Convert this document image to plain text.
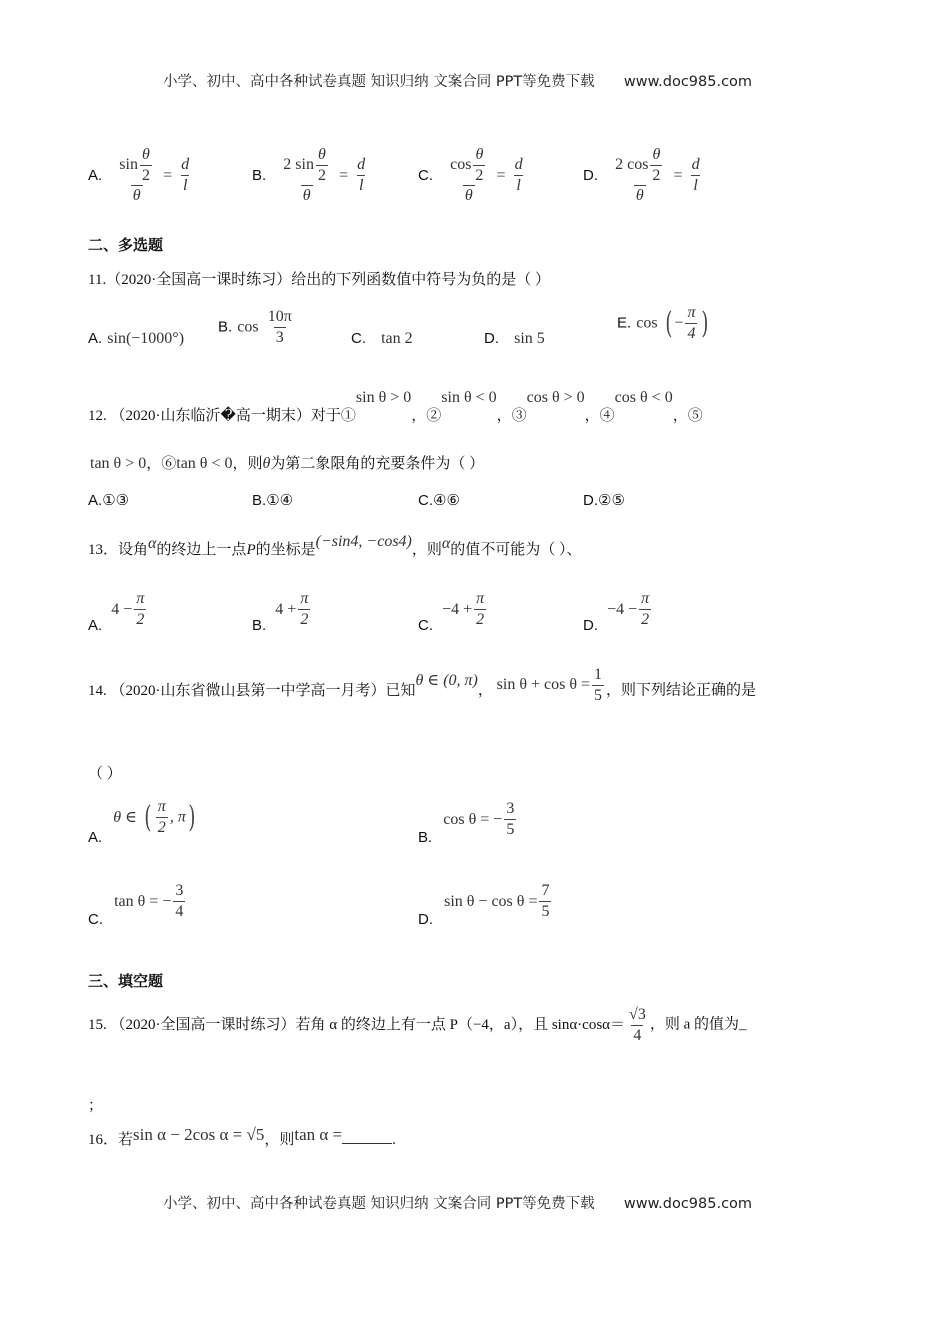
小学、初中、高中各种试卷真题 知识归纳 文案合同 PPT等免费下载 www.doc985.com
A. $\frac{\sin \frac{\theta}{2}}{\theta} = \frac{d}{l}$	B. $\frac{2 \sin \frac{\theta}{2}}{\theta} = \frac{d}{l}$	C. $\frac{\cos \frac{\theta}{2}}{\theta} = \frac{d}{l}$	D. $\frac{2 \cos \frac{\theta}{2}}{\theta} = \frac{d}{l}$
二、多选题
11.（2020·全国高一课时练习）给出的下列函数值中符号为负的是（ ）
A. sin(−1000°)
B. $\cos \frac{10\pi}{3}$	C. tan 2	D. sin 5
E. cos ( − $\frac{\pi}{4}$ )
12. （2020·山东临沂�高一期末）对于①sin θ > 0，②sin θ < 0，③cos θ > 0，④cos θ < 0，⑤
tan θ > 0，⑥tan θ < 0，则θ为第二象限角的充要条件为（ ）
A.①③	B.①④	C.④⑥	D.②⑤
13．设角α的终边上一点P的坐标是(−sin4, −cos4)，则α的值不可能为（ ）、
A. $4 - \frac{\pi}{2}$	B. $4 + \frac{\pi}{2}$	C. $-4 + \frac{\pi}{2}$	D. $-4 - \frac{\pi}{2}$
14. （2020·山东省微山县第一中学高一月考）已知θ ∈ (0, π)， $\sin \theta + \cos \theta = \frac{1}{5}$ ，则下列结论正确的是
（ ）
A. θ ∈ ( $\frac{\pi}{2}$ , π)
B. cos θ = − $\frac{3}{5}$
C. tan θ = − $\frac{3}{4}$	D. $\sin \theta - \cos \theta = \frac{7}{5}$
三、填空题
15. （2020·全国高一课时练习）若角 α 的终边上有一点 P（−4，a），且 $\sin\alpha\cdot\cos\alpha= \frac{√3}{4}$ ，则 a 的值为_
；
16．若sin α − 2cos α = √5，则tan α =	.
小学、初中、高中各种试卷真题 知识归纳 文案合同 PPT等免费下载 www.doc985.com
